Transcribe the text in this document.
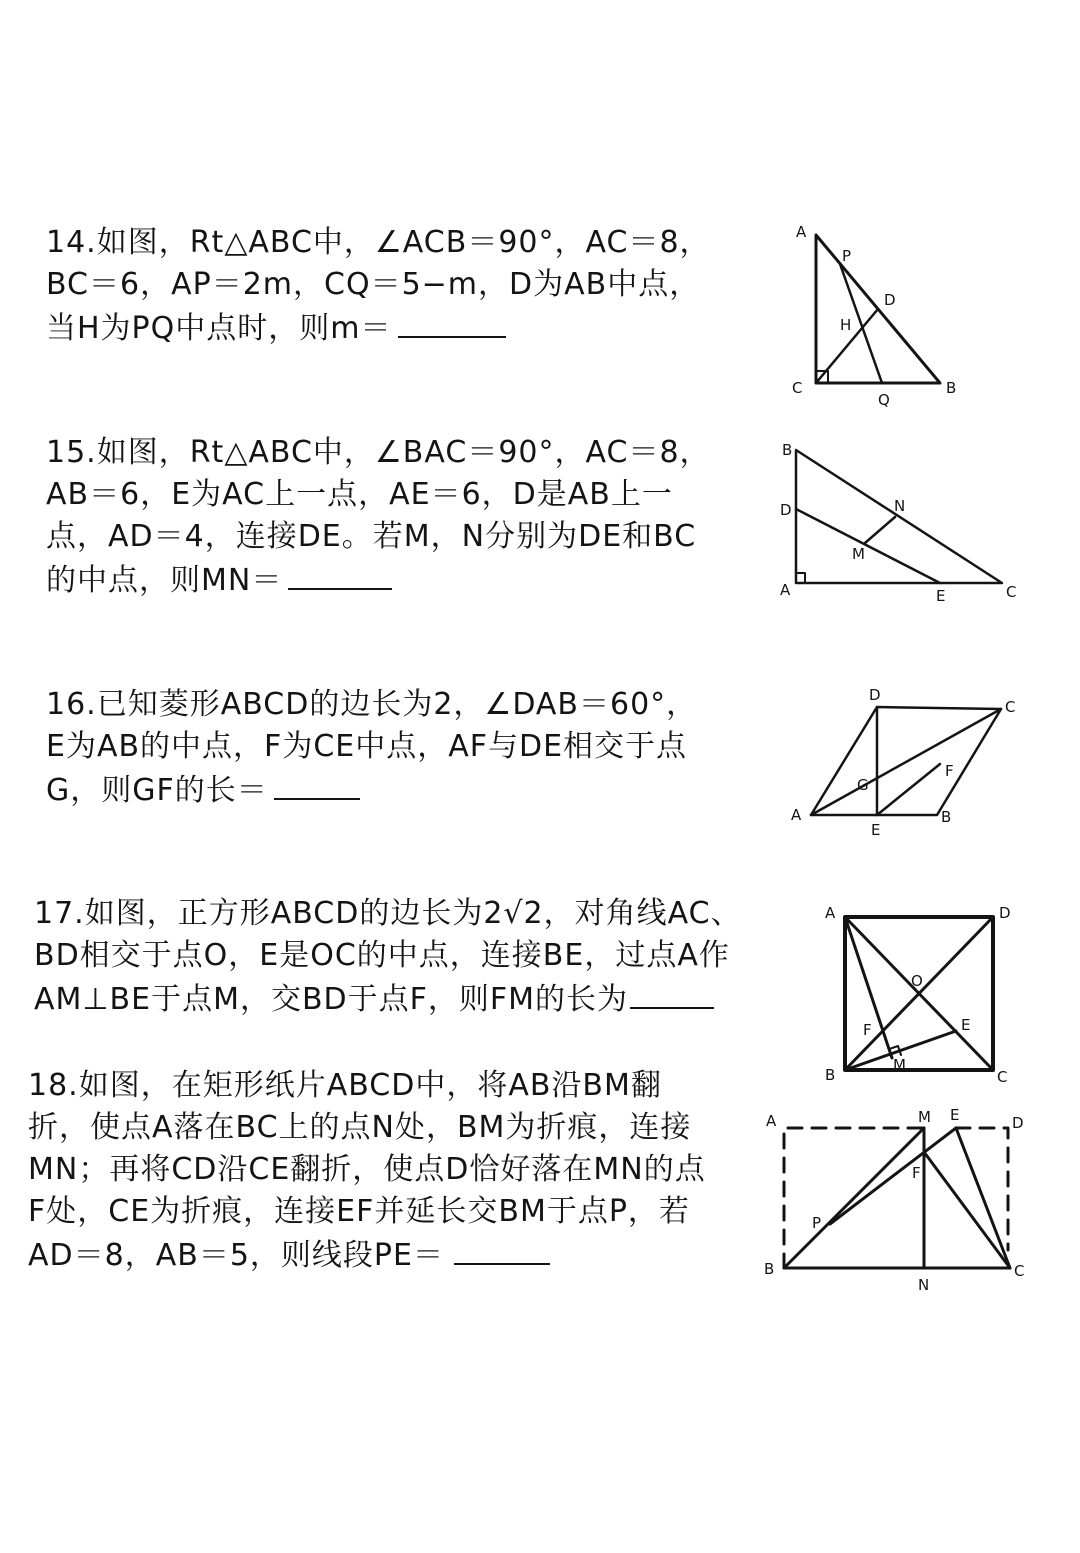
14.如图，Rt△ABC中，∠ACB＝90°，AC＝8，
BC＝6，AP＝2m，CQ＝5−m，D为AB中点，
当H为PQ中点时，则m＝
A
P
D
H
C
Q
B
15.如图，Rt△ABC中，∠BAC＝90°，AC＝8，
AB＝6，E为AC上一点，AE＝6，D是AB上一
点，AD＝4，连接DE。若M，N分别为DE和BC
的中点，则MN＝
B
D	N
M
A	E	C
16.已知菱形ABCD的边长为2，∠DAB＝60°，
E为AB的中点，F为CE中点，AF与DE相交于点
G，则GF的长＝
D
C
F
G
A
E
B
17.如图，正方形ABCD的边长为2√2，对角线AC、
BD相交于点O，E是OC的中点，连接BE，过点A作
AM⊥BE于点M，交BD于点F，则FM的长为
A	D
O
E
F
M
B	C
18.如图，在矩形纸片ABCD中，将AB沿BM翻
折，使点A落在BC上的点N处，BM为折痕，连接
MN；再将CD沿CE翻折，使点D恰好落在MN的点
F处，CE为折痕，连接EF并延长交BM于点P，若
AD＝8，AB＝5，则线段PE＝
A	M E	D
F
P
B
N
C
